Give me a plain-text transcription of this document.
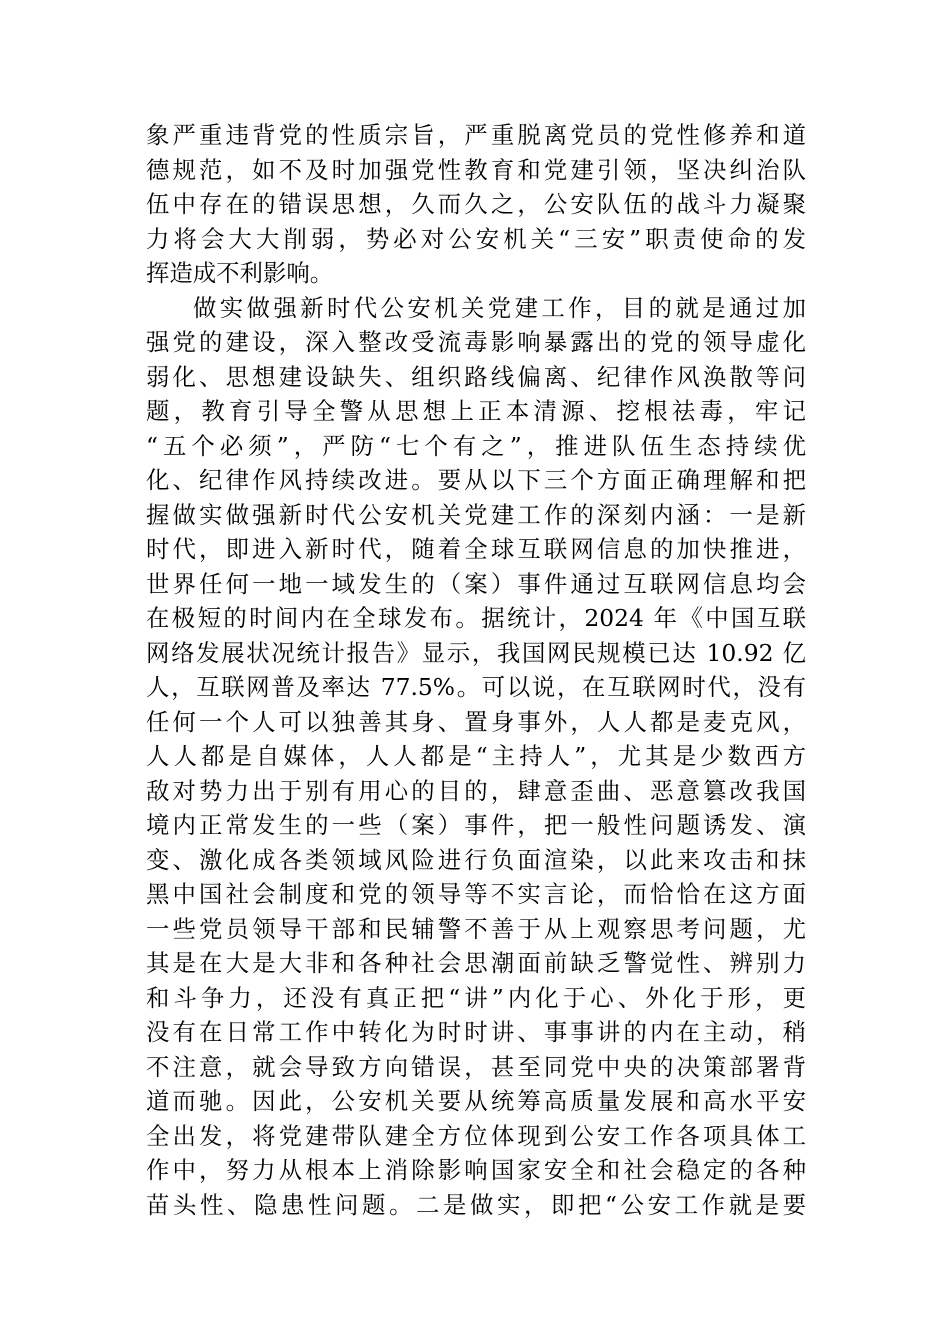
象严重违背党的性质宗旨，严重脱离党员的党性修养和道
德规范，如不及时加强党性教育和党建引领，坚决纠治队
伍中存在的错误思想，久而久之，公安队伍的战斗力凝聚
力将会大大削弱，势必对公安机关“三安”职责使命的发
挥造成不利影响。
做实做强新时代公安机关党建工作，目的就是通过加
强党的建设，深入整改受流毒影响暴露出的党的领导虚化
弱化、思想建设缺失、组织路线偏离、纪律作风涣散等问
题，教育引导全警从思想上正本清源、挖根祛毒，牢记
“五个必须”，严防“七个有之”，推进队伍生态持续优
化、纪律作风持续改进。要从以下三个方面正确理解和把
握做实做强新时代公安机关党建工作的深刻内涵：一是新
时代，即进入新时代，随着全球互联网信息的加快推进，
世界任何一地一域发生的（案）事件通过互联网信息均会
在极短的时间内在全球发布。据统计，2024 年《中国互联
网络发展状况统计报告》显示，我国网民规模已达 10.92 亿
人，互联网普及率达 77.5%。可以说，在互联网时代，没有
任何一个人可以独善其身、置身事外，人人都是麦克风，
人人都是自媒体，人人都是“主持人”，尤其是少数西方
敌对势力出于别有用心的目的，肆意歪曲、恶意篡改我国
境内正常发生的一些（案）事件，把一般性问题诱发、演
变、激化成各类领域风险进行负面渲染，以此来攻击和抹
黑中国社会制度和党的领导等不实言论，而恰恰在这方面
一些党员领导干部和民辅警不善于从上观察思考问题，尤
其是在大是大非和各种社会思潮面前缺乏警觉性、辨别力
和斗争力，还没有真正把“讲”内化于心、外化于形，更
没有在日常工作中转化为时时讲、事事讲的内在主动，稍
不注意，就会导致方向错误，甚至同党中央的决策部署背
道而驰。因此，公安机关要从统筹高质量发展和高水平安
全出发，将党建带队建全方位体现到公安工作各项具体工
作中，努力从根本上消除影响国家安全和社会稳定的各种
苗头性、隐患性问题。二是做实，即把“公安工作就是要
